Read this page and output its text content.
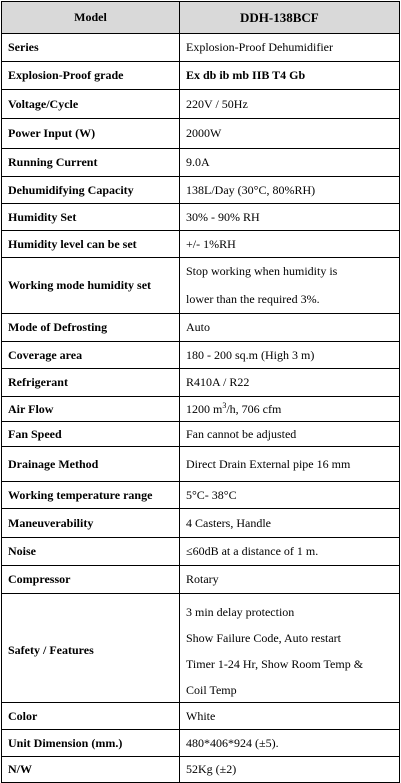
Model	DDH-138BCF
Series	Explosion-Proof Dehumidifier
Explosion-Proof grade	Ex db ib mb IIB T4 Gb
Voltage/Cycle	220V / 50Hz
Power Input (W)	2000W
Running Current	9.0A
Dehumidifying Capacity	138L/Day (30°C, 80%RH)
Humidity Set	30% - 90% RH
Humidity level can be set	+/- 1%RH
Working mode humidity set	Stop working when humidity is
lower than the required 3%.

Mode of Defrosting	Auto
Coverage area	180 - 200 sq.m (High 3 m)
Refrigerant	R410A / R22
Air Flow	1200 $m^3/h$, 706 cfm
Fan Speed	Fan cannot be adjusted
Drainage Method	Direct Drain External pipe 16 mm
Working temperature range	5°C- 38°C
Maneuverability	4 Casters, Handle
Noise	≤60dB at a distance of 1 m.
Compressor	Rotary
Safety / Features	3 min delay protection
Show Failure Code, Auto restart
Timer 1-24 Hr, Show Room Temp &
Coil Temp

Color	White
Unit Dimension (mm.)	480*406*924 (±5).
N/W	52Kg (±2)
